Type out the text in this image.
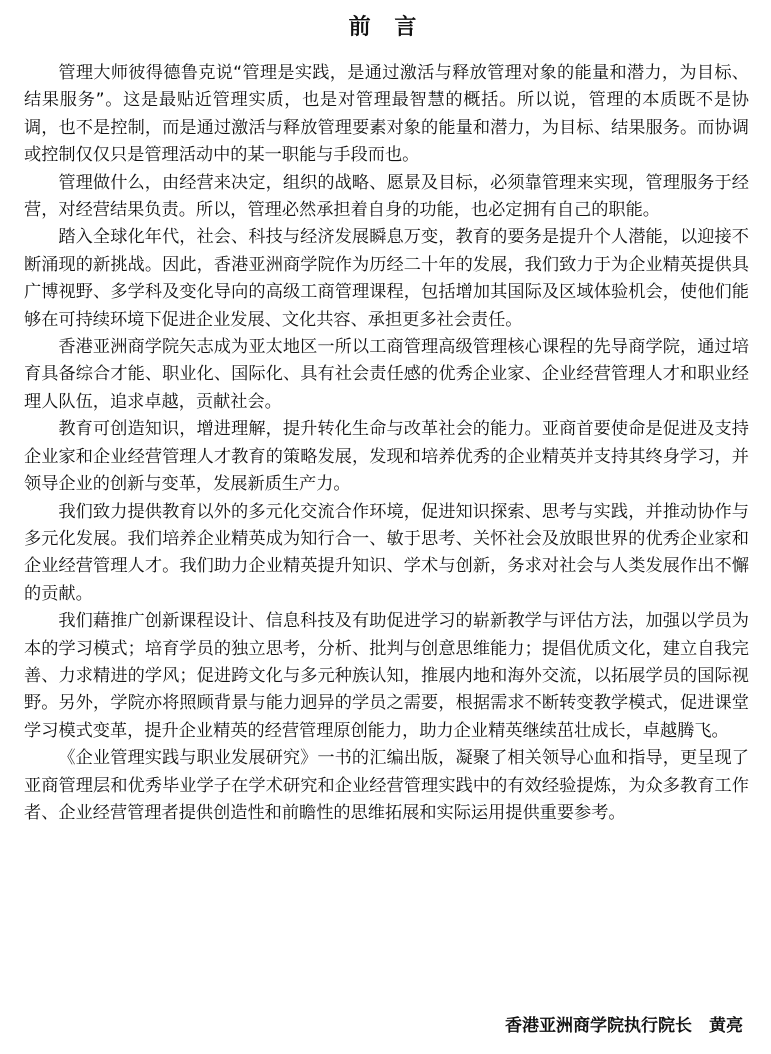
前 言

管理大师彼得德鲁克说“管理是实践，是通过激活与释放管理对象的能量和潜力，为目标、结果服务”。这是最贴近管理实质，也是对管理最智慧的概括。所以说，管理的本质既不是协调，也不是控制，而是通过激活与释放管理要素对象的能量和潜力，为目标、结果服务。而协调或控制仅仅只是管理活动中的某一职能与手段而也。

管理做什么，由经营来决定，组织的战略、愿景及目标，必须靠管理来实现，管理服务于经营，对经营结果负责。所以，管理必然承担着自身的功能，也必定拥有自己的职能。

踏入全球化年代，社会、科技与经济发展瞬息万变，教育的要务是提升个人潜能，以迎接不断涌现的新挑战。因此，香港亚洲商学院作为历经二十年的发展，我们致力于为企业精英提供具广博视野、多学科及变化导向的高级工商管理课程，包括增加其国际及区域体验机会，使他们能够在可持续环境下促进企业发展、文化共容、承担更多社会责任。

香港亚洲商学院矢志成为亚太地区一所以工商管理高级管理核心课程的先导商学院，通过培育具备综合才能、职业化、国际化、具有社会责任感的优秀企业家、企业经营管理人才和职业经理人队伍，追求卓越，贡献社会。

教育可创造知识，增进理解，提升转化生命与改革社会的能力。亚商首要使命是促进及支持企业家和企业经营管理人才教育的策略发展，发现和培养优秀的企业精英并支持其终身学习，并领导企业的创新与变革，发展新质生产力。

我们致力提供教育以外的多元化交流合作环境，促进知识探索、思考与实践，并推动协作与多元化发展。我们培养企业精英成为知行合一、敏于思考、关怀社会及放眼世界的优秀企业家和企业经营管理人才。我们助力企业精英提升知识、学术与创新，务求对社会与人类发展作出不懈的贡献。

我们藉推广创新课程设计、信息科技及有助促进学习的崭新教学与评估方法，加强以学员为本的学习模式；培育学员的独立思考，分析、批判与创意思维能力；提倡优质文化，建立自我完善、力求精进的学风；促进跨文化与多元种族认知，推展内地和海外交流，以拓展学员的国际视野。另外，学院亦将照顾背景与能力迥异的学员之需要，根据需求不断转变教学模式，促进课堂学习模式变革，提升企业精英的经营管理原创能力，助力企业精英继续茁壮成长，卓越腾飞。

《企业管理实践与职业发展研究》一书的汇编出版，凝聚了相关领导心血和指导，更呈现了亚商管理层和优秀毕业学子在学术研究和企业经营管理实践中的有效经验提炼，为众多教育工作者、企业经营管理者提供创造性和前瞻性的思维拓展和实际运用提供重要参考。

香港亚洲商学院执行院长　黄亮
